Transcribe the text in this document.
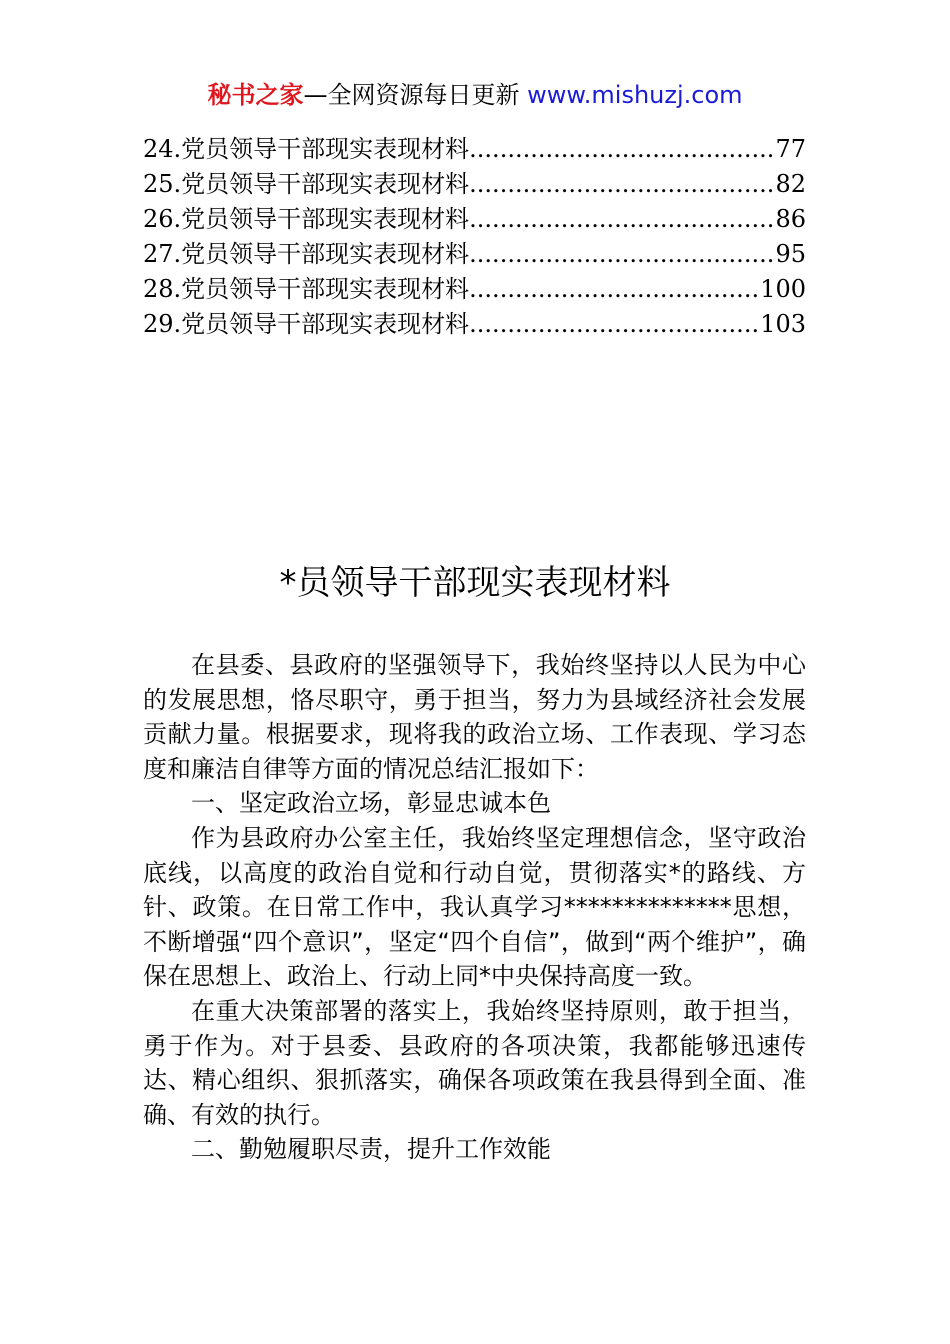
秘书之家—全网资源每日更新 www.mishuzj.com
24.党员领导干部现实表现材料 .....	77
25.党员领导干部现实表现材料 .....	82
26.党员领导干部现实表现材料 .....	86
27.党员领导干部现实表现材料 .....	95
28.党员领导干部现实表现材料 .....	100
29.党员领导干部现实表现材料 .....	103
*员领导干部现实表现材料

在县委、县政府的坚强领导下，我始终坚持以人民为中心的发展思想，恪尽职守，勇于担当，努力为县域经济社会发展贡献力量。根据要求，现将我的政治立场、工作表现、学习态度和廉洁自律等方面的情况总结汇报如下：

一、坚定政治立场，彰显忠诚本色

作为县政府办公室主任，我始终坚定理想信念，坚守政治底线，以高度的政治自觉和行动自觉，贯彻落实*的路线、方针、政策。在日常工作中，我认真学习**************思想，不断增强“四个意识”，坚定“四个自信”，做到“两个维护”，确保在思想上、政治上、行动上同*中央保持高度一致。

在重大决策部署的落实上，我始终坚持原则，敢于担当，勇于作为。对于县委、县政府的各项决策，我都能够迅速传达、精心组织、狠抓落实，确保各项政策在我县得到全面、准确、有效的执行。

二、勤勉履职尽责，提升工作效能
